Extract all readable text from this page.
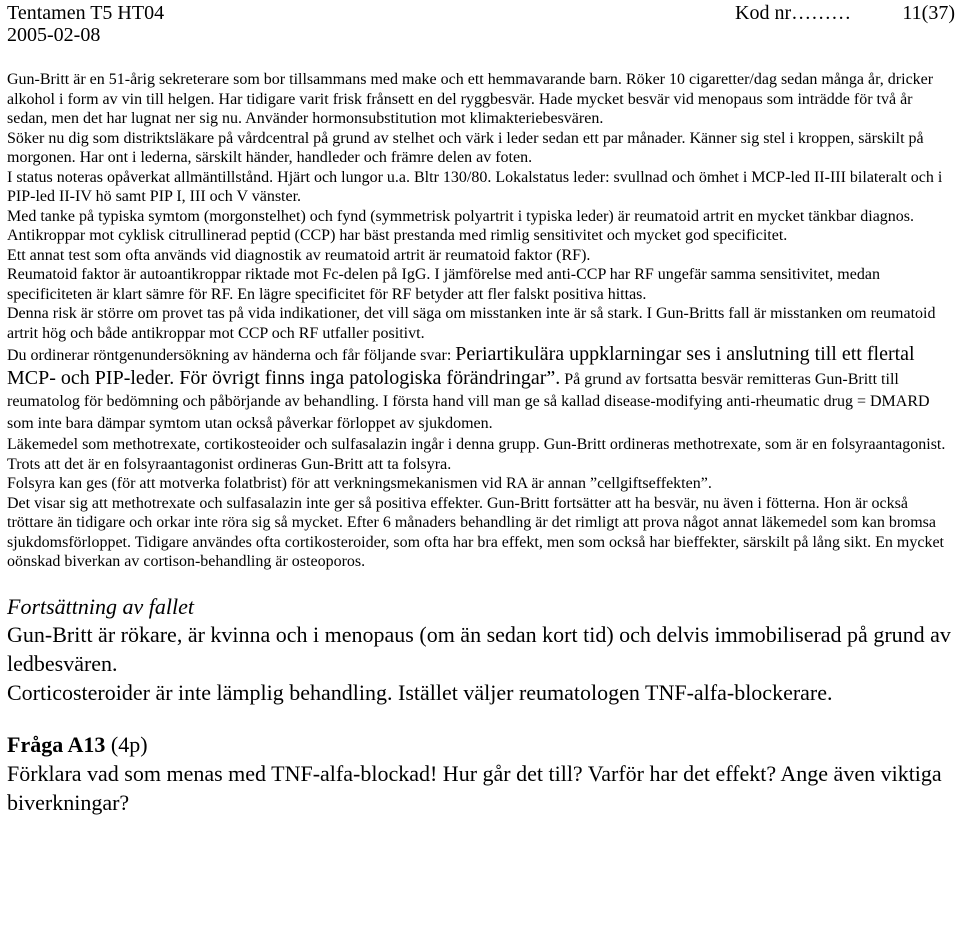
Tentamen T5 HT04
2005-02-08
Kod nr………	11(37)

Gun-Britt är en 51-årig sekreterare som bor tillsammans med make och ett hemmavarande barn. Röker 10 cigaretter/dag sedan många år, dricker alkohol i form av vin till helgen. Har tidigare varit frisk frånsett en del ryggbesvär. Hade mycket besvär vid menopaus som inträdde för två år sedan, men det har lugnat ner sig nu. Använder hormonsubstitution mot klimakteriebesvären.

Söker nu dig som distriktsläkare på vårdcentral på grund av stelhet och värk i leder sedan ett par månader. Känner sig stel i kroppen, särskilt på morgonen. Har ont i lederna, särskilt händer, handleder och främre delen av foten.

I status noteras opåverkat allmäntillstånd. Hjärt och lungor u.a. Bltr 130/80. Lokalstatus leder: svullnad och ömhet i MCP-led II-III bilateralt och i PIP-led II-IV hö samt PIP I, III och V vänster.

Med tanke på typiska symtom (morgonstelhet) och fynd (symmetrisk polyartrit i typiska leder) är reumatoid artrit en mycket tänkbar diagnos.

Antikroppar mot cyklisk citrullinerad peptid (CCP) har bäst prestanda med rimlig sensitivitet och mycket god specificitet.

Ett annat test som ofta används vid diagnostik av reumatoid artrit är reumatoid faktor (RF).

Reumatoid faktor är autoantikroppar riktade mot Fc-delen på IgG. I jämförelse med anti-CCP har RF ungefär samma sensitivitet, medan specificiteten är klart sämre för RF. En lägre specificitet för RF betyder att fler falskt positiva hittas.

Denna risk är större om provet tas på vida indikationer, det vill säga om misstanken inte är så stark. I Gun-Britts fall är misstanken om reumatoid artrit hög och både antikroppar mot CCP och RF utfaller positivt.

Du ordinerar röntgenundersökning av händerna och får följande svar: Periartikulära uppklarningar ses i anslutning till ett flertal MCP- och PIP-leder. För övrigt finns inga patologiska förändringar”. På grund av fortsatta besvär remitteras Gun-Britt till reumatolog för bedömning och påbörjande av behandling. I första hand vill man ge så kallad disease-modifying anti-rheumatic drug = DMARD som inte bara dämpar symtom utan också påverkar förloppet av sjukdomen.

Läkemedel som methotrexate, cortikosteoider och sulfasalazin ingår i denna grupp. Gun-Britt ordineras methotrexate, som är en folsyraantagonist. Trots att det är en folsyraantagonist ordineras Gun-Britt att ta folsyra.

Folsyra kan ges (för att motverka folatbrist) för att verkningsmekanismen vid RA är annan ”cellgiftseffekten”.

Det visar sig att methotrexate och sulfasalazin inte ger så positiva effekter. Gun-Britt fortsätter att ha besvär, nu även i fötterna. Hon är också tröttare än tidigare och orkar inte röra sig så mycket. Efter 6 månaders behandling är det rimligt att prova något annat läkemedel som kan bromsa sjukdomsförloppet. Tidigare användes ofta cortikosteroider, som ofta har bra effekt, men som också har bieffekter, särskilt på lång sikt. En mycket oönskad biverkan av cortison-behandling är osteoporos.

Fortsättning av fallet

Gun-Britt är rökare, är kvinna och i menopaus (om än sedan kort tid) och delvis immobiliserad på grund av ledbesvären.

Corticosteroider är inte lämplig behandling. Istället väljer reumatologen TNF-alfa-blockerare.

Fråga A13 (4p)

Förklara vad som menas med TNF-alfa-blockad! Hur går det till? Varför har det effekt? Ange även viktiga biverkningar?
